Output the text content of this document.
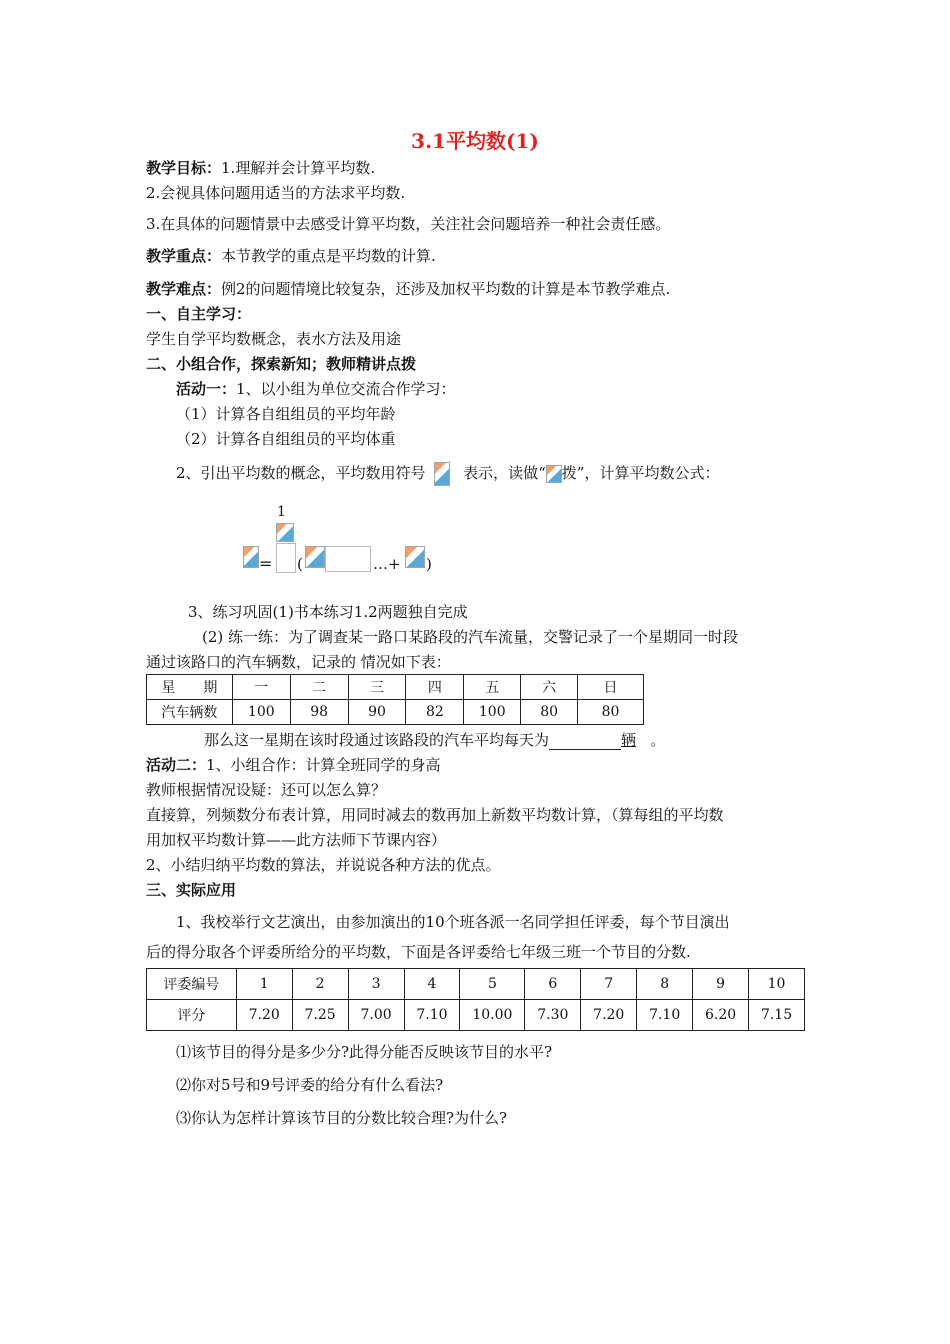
3.1平均数(1)
教学目标：1.理解并会计算平均数.
2.会视具体问题用适当的方法求平均数.
3.在具体的问题情景中去感受计算平均数，关注社会问题培养一种社会责任感。
教学重点：本节教学的重点是平均数的计算.
教学难点：例2的问题情境比较复杂，还涉及加权平均数的计算是本节教学难点.
一、自主学习：
学生自学平均数概念，表水方法及用途
二、小组合作，探索新知；教师精讲点拨
活动一：1、以小组为单位交流合作学习：
（1）计算各自组组员的平均年龄
（2）计算各自组组员的平均体重
2、引出平均数的概念，平均数用符号	表示，读做“ 拨”，计算平均数公式：
1
= (	…+ )
3、练习巩固(1)书本练习1.2两题独自完成
(2) 练一练：为了调查某一路口某路段的汽车流量，交警记录了一个星期同一时段
通过该路口的汽车辆数，记录的 情况如下表：
星　　期	一	二	三	四	五	六	日
汽车辆数	100	98	90	82	100	80	80
那么这一星期在该时段通过该路段的汽车平均每天为	辆 。
活动二：1、小组合作：计算全班同学的身高
教师根据情况设疑：还可以怎么算？
直接算，列频数分布表计算，用同时减去的数再加上新数平均数计算，（算每组的平均数
用加权平均数计算——此方法师下节课内容）
2、小结归纳平均数的算法，并说说各种方法的优点。
三、实际应用
1、我校举行文艺演出，由参加演出的10个班各派一名同学担任评委，每个节目演出
后的得分取各个评委所给分的平均数，下面是各评委给七年级三班一个节目的分数.
评委编号	1	2	3	4	5	6	7	8	9	10
评分	7.20	7.25	7.00	7.10	10.00	7.30	7.20	7.10	6.20	7.15
⑴该节目的得分是多少分?此得分能否反映该节目的水平?
⑵你对5号和9号评委的给分有什么看法?
⑶你认为怎样计算该节目的分数比较合理?为什么?
